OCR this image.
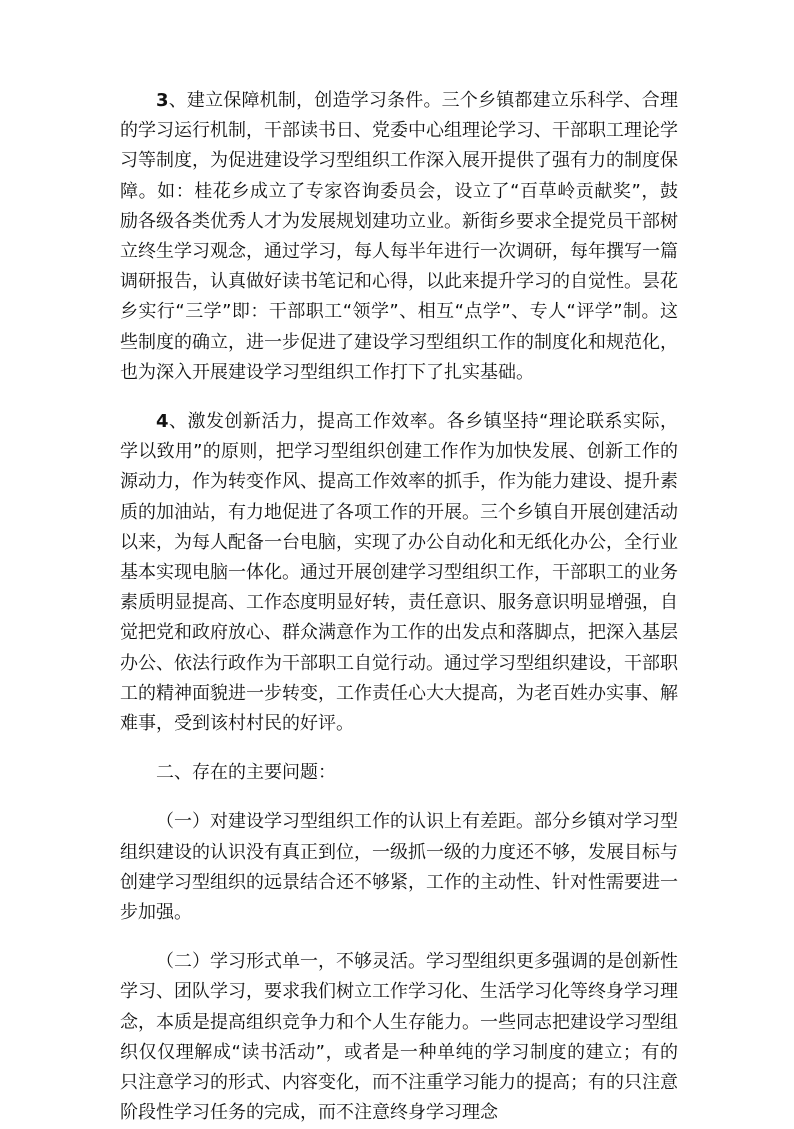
3、建立保障机制，创造学习条件。三个乡镇都建立乐科学、合理的学习运行机制，干部读书日、党委中心组理论学习、干部职工理论学习等制度，为促进建设学习型组织工作深入展开提供了强有力的制度保障。如：桂花乡成立了专家咨询委员会，设立了“百草岭贡献奖”，鼓励各级各类优秀人才为发展规划建功立业。新街乡要求全提党员干部树立终生学习观念，通过学习，每人每半年进行一次调研，每年撰写一篇调研报告，认真做好读书笔记和心得，以此来提升学习的自觉性。昙花乡实行“三学”即：干部职工“领学”、相互“点学”、专人“评学”制。这些制度的确立，进一步促进了建设学习型组织工作的制度化和规范化，也为深入开展建设学习型组织工作打下了扎实基础。

4、激发创新活力，提高工作效率。各乡镇坚持“理论联系实际，学以致用”的原则，把学习型组织创建工作作为加快发展、创新工作的源动力，作为转变作风、提高工作效率的抓手，作为能力建设、提升素质的加油站，有力地促进了各项工作的开展。三个乡镇自开展创建活动以来，为每人配备一台电脑，实现了办公自动化和无纸化办公，全行业基本实现电脑一体化。通过开展创建学习型组织工作，干部职工的业务素质明显提高、工作态度明显好转，责任意识、服务意识明显增强，自觉把党和政府放心、群众满意作为工作的出发点和落脚点，把深入基层办公、依法行政作为干部职工自觉行动。通过学习型组织建设，干部职工的精神面貌进一步转变，工作责任心大大提高，为老百姓办实事、解难事，受到该村村民的好评。

二、存在的主要问题：

（一）对建设学习型组织工作的认识上有差距。部分乡镇对学习型组织建设的认识没有真正到位，一级抓一级的力度还不够，发展目标与创建学习型组织的远景结合还不够紧，工作的主动性、针对性需要进一步加强。

（二）学习形式单一，不够灵活。学习型组织更多强调的是创新性学习、团队学习，要求我们树立工作学习化、生活学习化等终身学习理念，本质是提高组织竞争力和个人生存能力。一些同志把建设学习型组织仅仅理解成“读书活动”，或者是一种单纯的学习制度的建立；有的只注意学习的形式、内容变化，而不注重学习能力的提高；有的只注意阶段性学习任务的完成，而不注意终身学习理念
